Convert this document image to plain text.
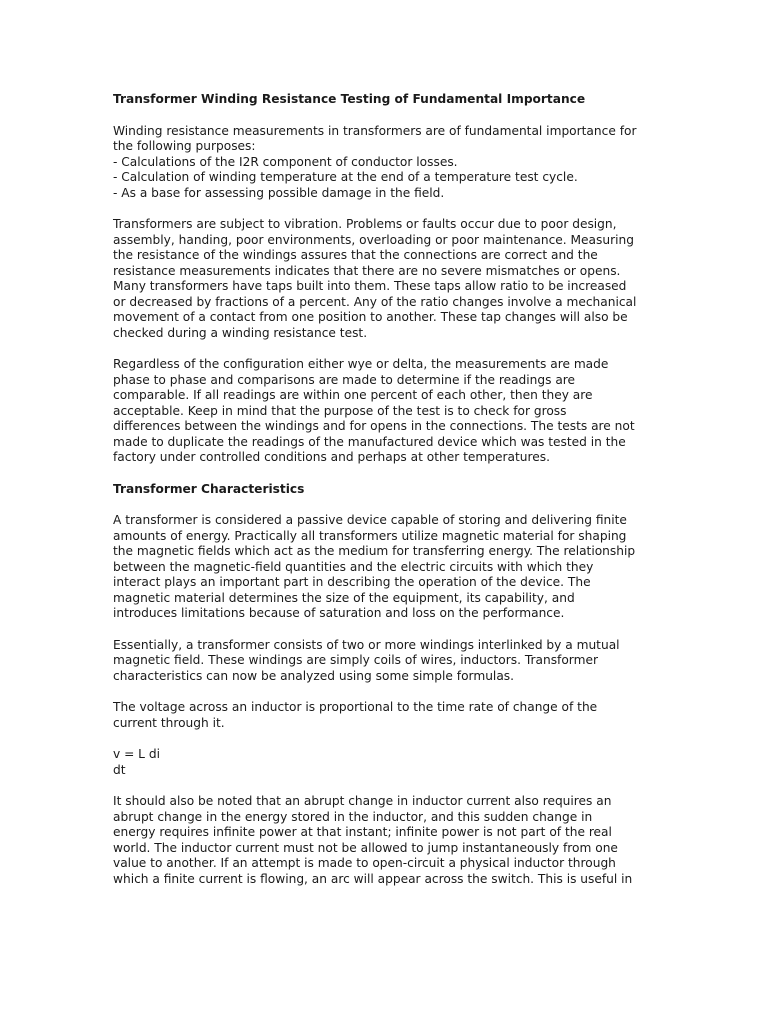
Transformer Winding Resistance Testing of Fundamental Importance
Winding resistance measurements in transformers are of fundamental importance for
the following purposes:
- Calculations of the I2R component of conductor losses.
- Calculation of winding temperature at the end of a temperature test cycle.
- As a base for assessing possible damage in the field.
Transformers are subject to vibration. Problems or faults occur due to poor design,
assembly, handing, poor environments, overloading or poor maintenance. Measuring
the resistance of the windings assures that the connections are correct and the
resistance measurements indicates that there are no severe mismatches or opens.
Many transformers have taps built into them. These taps allow ratio to be increased
or decreased by fractions of a percent. Any of the ratio changes involve a mechanical
movement of a contact from one position to another. These tap changes will also be
checked during a winding resistance test.
Regardless of the configuration either wye or delta, the measurements are made
phase to phase and comparisons are made to determine if the readings are
comparable. If all readings are within one percent of each other, then they are
acceptable. Keep in mind that the purpose of the test is to check for gross
differences between the windings and for opens in the connections. The tests are not
made to duplicate the readings of the manufactured device which was tested in the
factory under controlled conditions and perhaps at other temperatures.
Transformer Characteristics
A transformer is considered a passive device capable of storing and delivering finite
amounts of energy. Practically all transformers utilize magnetic material for shaping
the magnetic fields which act as the medium for transferring energy. The relationship
between the magnetic-field quantities and the electric circuits with which they
interact plays an important part in describing the operation of the device. The
magnetic material determines the size of the equipment, its capability, and
introduces limitations because of saturation and loss on the performance.
Essentially, a transformer consists of two or more windings interlinked by a mutual
magnetic field. These windings are simply coils of wires, inductors. Transformer
characteristics can now be analyzed using some simple formulas.
The voltage across an inductor is proportional to the time rate of change of the
current through it.
v = L di
dt
It should also be noted that an abrupt change in inductor current also requires an
abrupt change in the energy stored in the inductor, and this sudden change in
energy requires infinite power at that instant; infinite power is not part of the real
world. The inductor current must not be allowed to jump instantaneously from one
value to another. If an attempt is made to open-circuit a physical inductor through
which a finite current is flowing, an arc will appear across the switch. This is useful in
